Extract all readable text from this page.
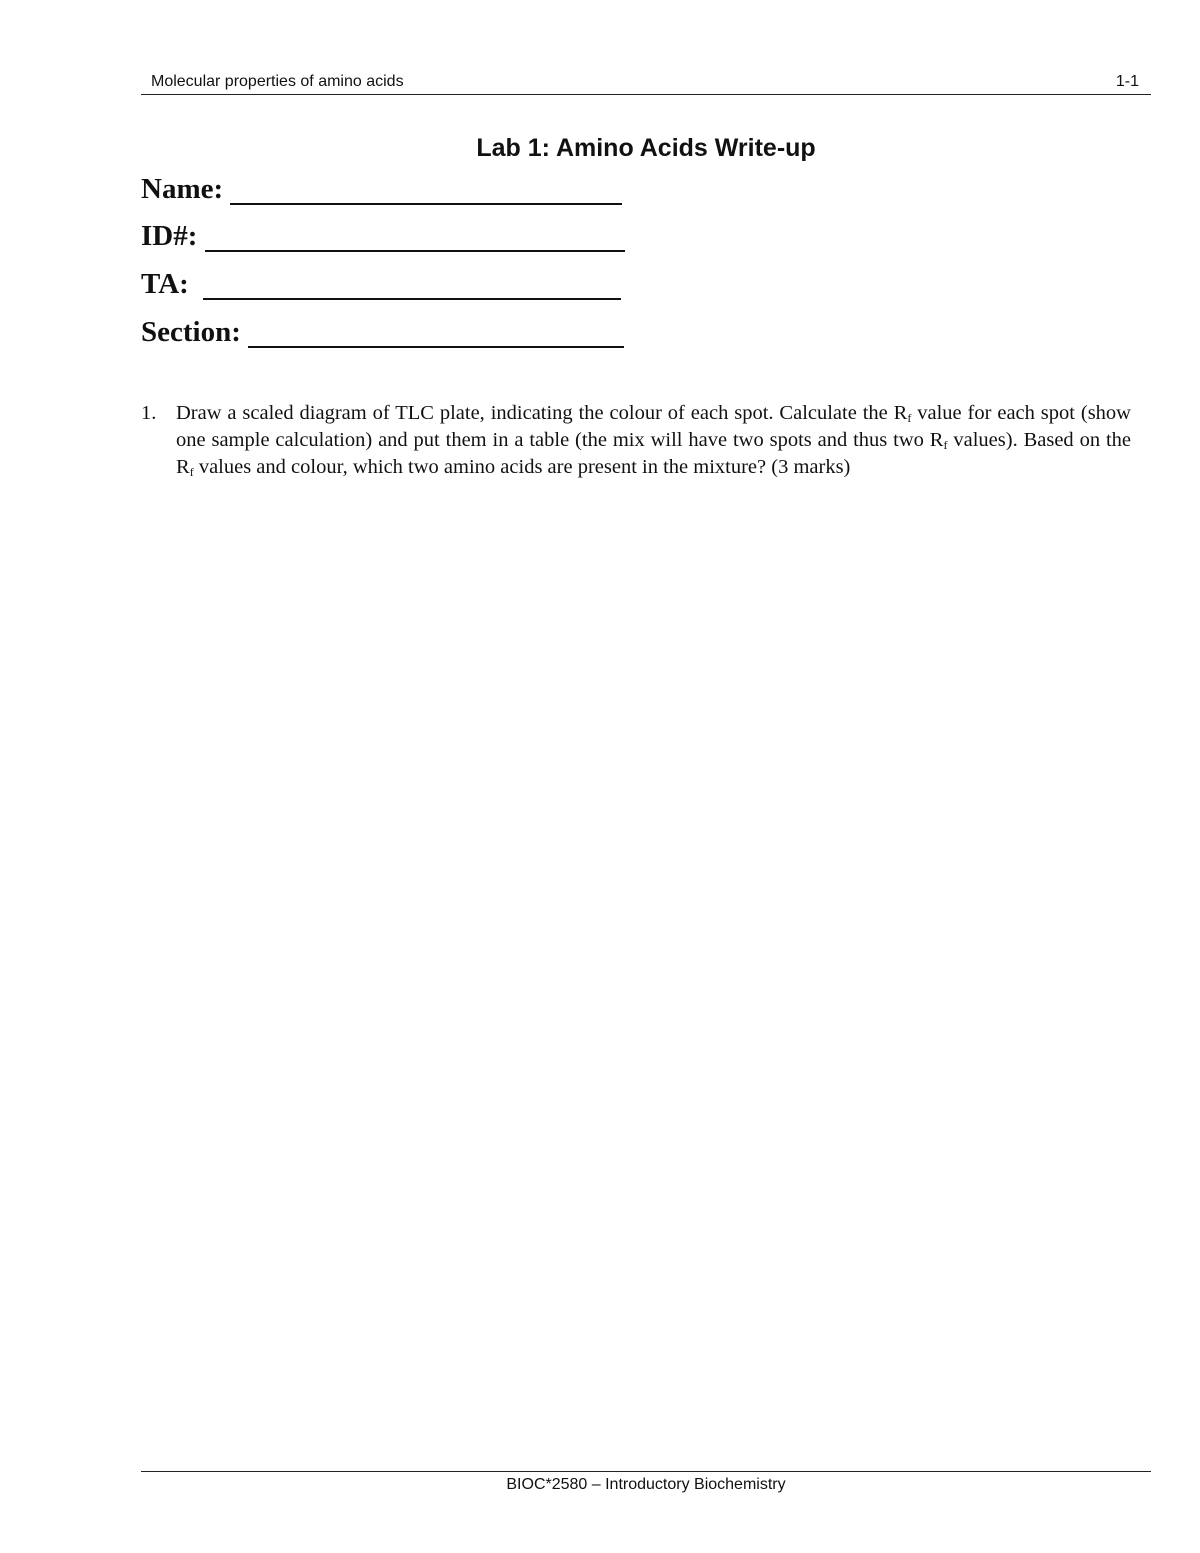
Molecular properties of amino acids	1-1
Lab 1: Amino Acids Write-up
Name:
ID#:
TA:
Section:
1. Draw a scaled diagram of TLC plate, indicating the colour of each spot. Calculate the $R_f$ value for each spot (show one sample calculation) and put them in a table (the mix will have two spots and thus two $R_f$ values). Based on the $R_f$ values and colour, which two amino acids are present in the mixture? (3 marks)
BIOC*2580 – Introductory Biochemistry
